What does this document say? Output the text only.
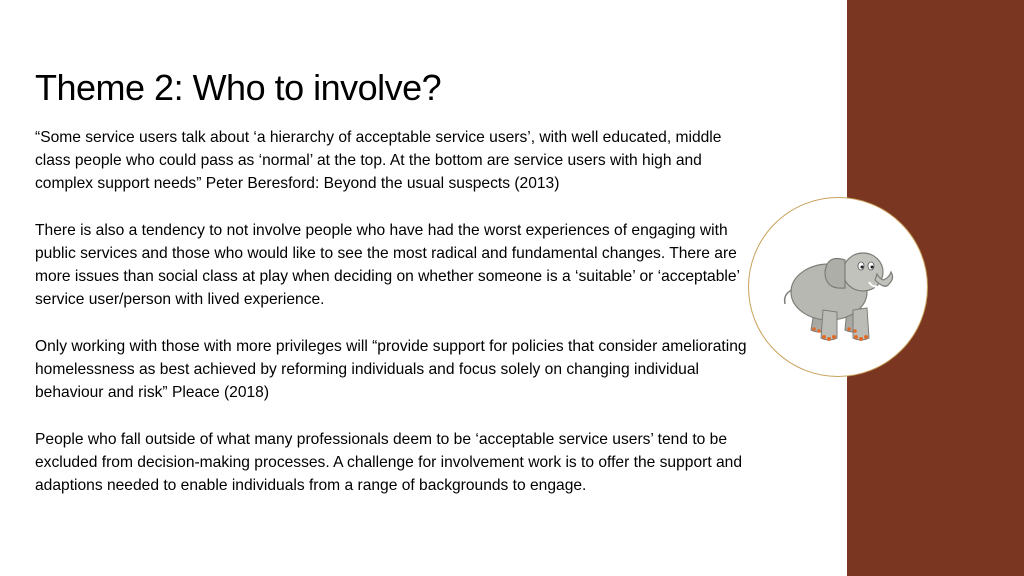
Theme 2: Who to involve?

“Some service users talk about ‘a hierarchy of acceptable service users’, with well educated, middle class people who could pass as ‘normal’ at the top. At the bottom are service users with high and complex support needs” Peter Beresford: Beyond the usual suspects (2013)

There is also a tendency to not involve people who have had the worst experiences of engaging with public services and those who would like to see the most radical and fundamental changes. There are more issues than social class at play when deciding on whether someone is a ‘suitable’ or ‘acceptable’ service user/person with lived experience.

Only working with those with more privileges will “provide support for policies that consider ameliorating homelessness as best achieved by reforming individuals and focus solely on changing individual behaviour and risk” Pleace (2018)

People who fall outside of what many professionals deem to be ‘acceptable service users’ tend to be excluded from decision-making processes. A challenge for involvement work is to offer the support and adaptions needed to enable individuals from a range of backgrounds to engage.
